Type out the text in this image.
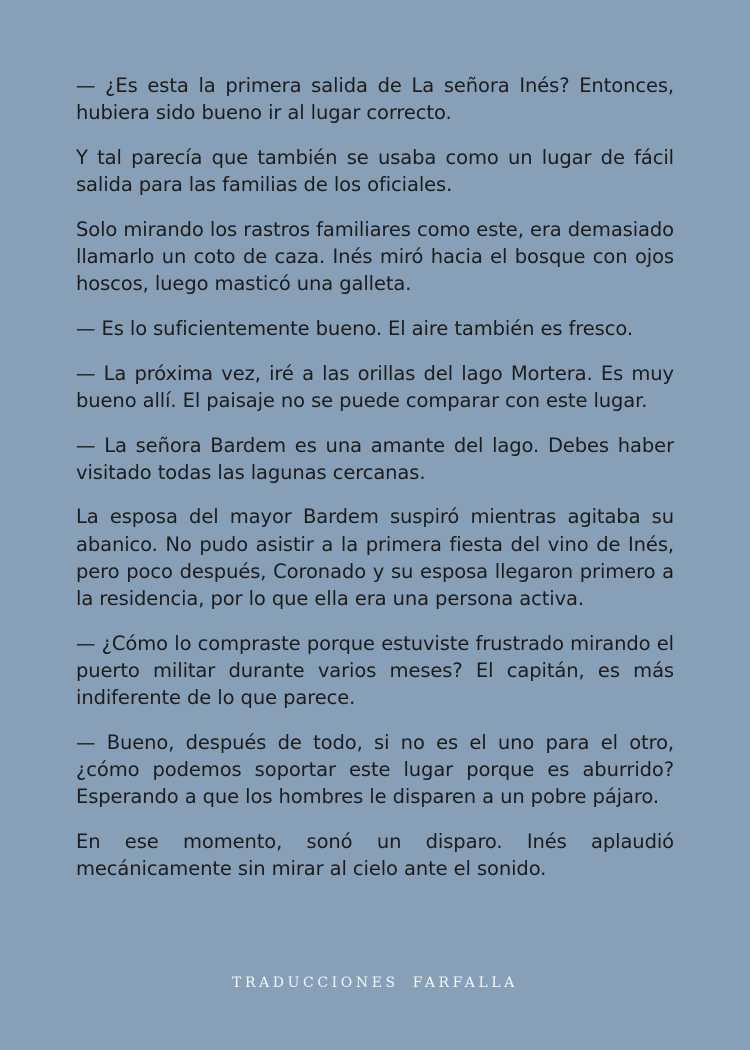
— ¿Es esta la primera salida de La señora Inés? Entonces, hubiera sido bueno ir al lugar correcto.

Y tal parecía que también se usaba como un lugar de fácil salida para las familias de los oficiales.

Solo mirando los rastros familiares como este, era demasiado llamarlo un coto de caza. Inés miró hacia el bosque con ojos hoscos, luego masticó una galleta.

— Es lo suficientemente bueno. El aire también es fresco.

— La próxima vez, iré a las orillas del lago Mortera. Es muy bueno allí. El paisaje no se puede comparar con este lugar.

— La señora Bardem es una amante del lago. Debes haber visitado todas las lagunas cercanas.

La esposa del mayor Bardem suspiró mientras agitaba su abanico. No pudo asistir a la primera fiesta del vino de Inés, pero poco después, Coronado y su esposa llegaron primero a la residencia, por lo que ella era una persona activa.

— ¿Cómo lo compraste porque estuviste frustrado mirando el puerto militar durante varios meses? El capitán, es más indiferente de lo que parece.

— Bueno, después de todo, si no es el uno para el otro, ¿cómo podemos soportar este lugar porque es aburrido? Esperando a que los hombres le disparen a un pobre pájaro.

En ese momento, sonó un disparo. Inés aplaudió mecánicamente sin mirar al cielo ante el sonido.

TRADUCCIONES FARFALLA
